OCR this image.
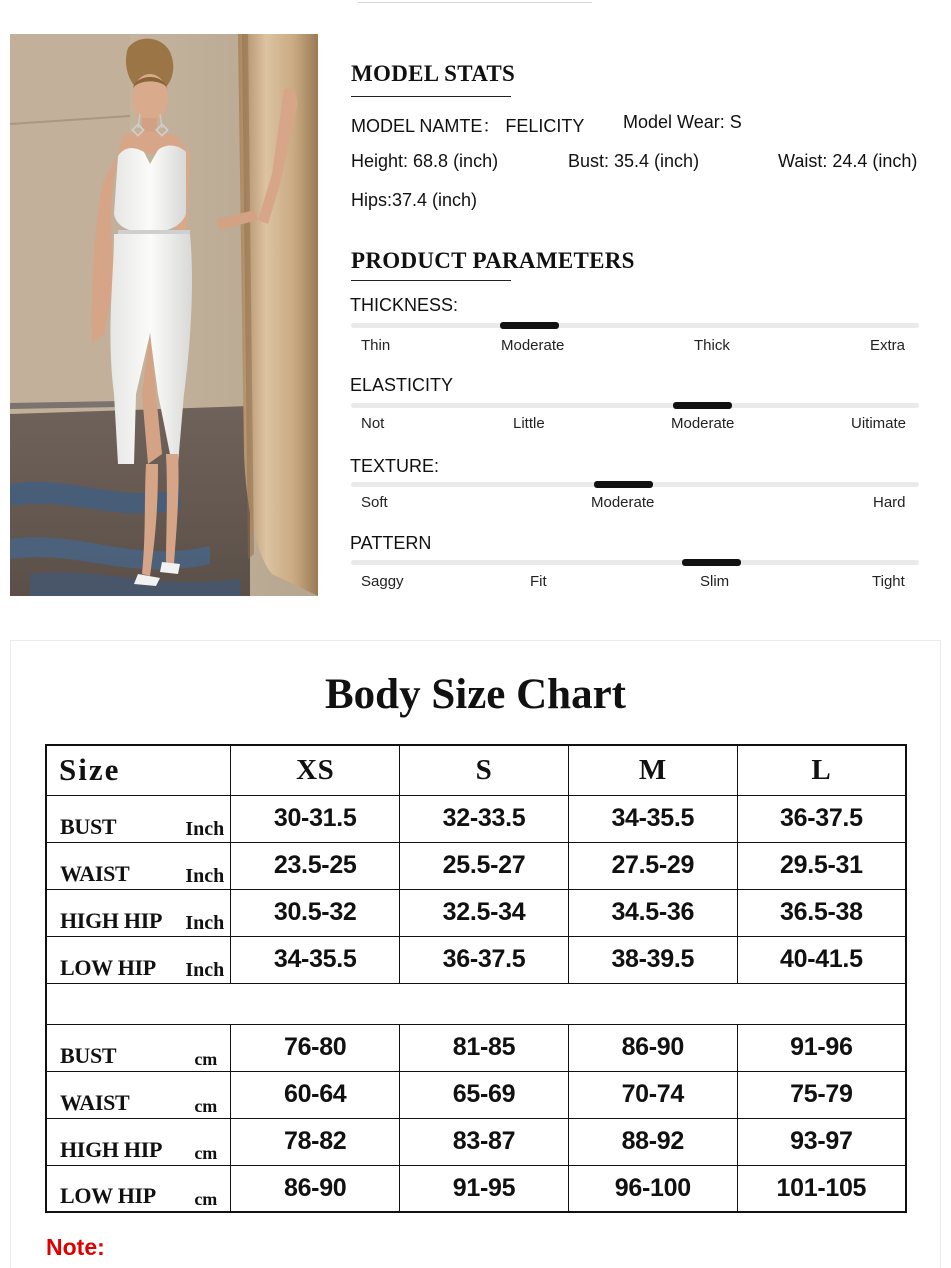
MODEL STATS
MODEL NAMTE： FELICITY Model Wear: S
Height: 68.8 (inch)	Bust: 35.4 (inch)	Waist: 24.4 (inch)
Hips:37.4 (inch)
PRODUCT PARAMETERS
THICKNESS:
Thin	Moderate	Thick	Extra
ELASTICITY
Not	Little	Moderate	Uitimate
TEXTURE:
Soft	Moderate	Hard
PATTERN
Saggy	Fit	Slim	Tight
Body Size Chart
Size	XS	S	M	L

BUST Inch	30-31.5	32-33.5	34-35.5	36-37.5

WAIST Inch	23.5-25	25.5-27	27.5-29	29.5-31

HIGH HIP Inch	30.5-32	32.5-34	34.5-36	36.5-38

LOW HIP Inch	34-35.5	36-37.5	38-39.5	40-41.5

BUST cm	76-80	81-85	86-90	91-96

WAIST cm	60-64	65-69	70-74	75-79

HIGH HIP cm	78-82	83-87	88-92	93-97

LOW HIP cm	86-90	91-95	96-100	101-105
Note:
